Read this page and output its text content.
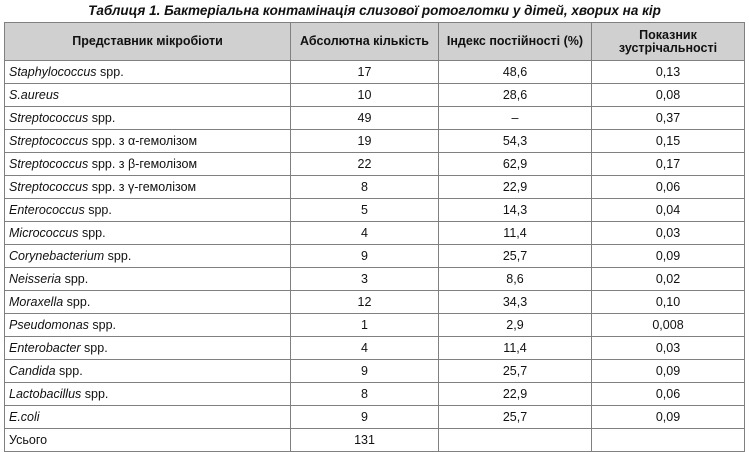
Таблиця 1. Бактеріальна контамінація слизової ротоглотки у дітей, хворих на кір
Представник мікробіоти	Абсолютна кількість	Індекс постійності (%)	Показник зустрічальності
Staphylococcus spp.	17	48,6	0,13
S.aureus	10	28,6	0,08
Streptococcus spp.	49	–	0,37
Streptococcus spp. з α-гемолізом	19	54,3	0,15
Streptococcus spp. з β-гемолізом	22	62,9	0,17
Streptococcus spp. з γ-гемолізом	8	22,9	0,06
Enterococcus spp.	5	14,3	0,04
Micrococcus spp.	4	11,4	0,03
Corynebacterium spp.	9	25,7	0,09
Neisseria spp.	3	8,6	0,02
Moraxella spp.	12	34,3	0,10
Pseudomonas spp.	1	2,9	0,008
Enterobacter spp.	4	11,4	0,03
Candida spp.	9	25,7	0,09
Lactobacillus spp.	8	22,9	0,06
E.coli	9	25,7	0,09
Усього	131		
